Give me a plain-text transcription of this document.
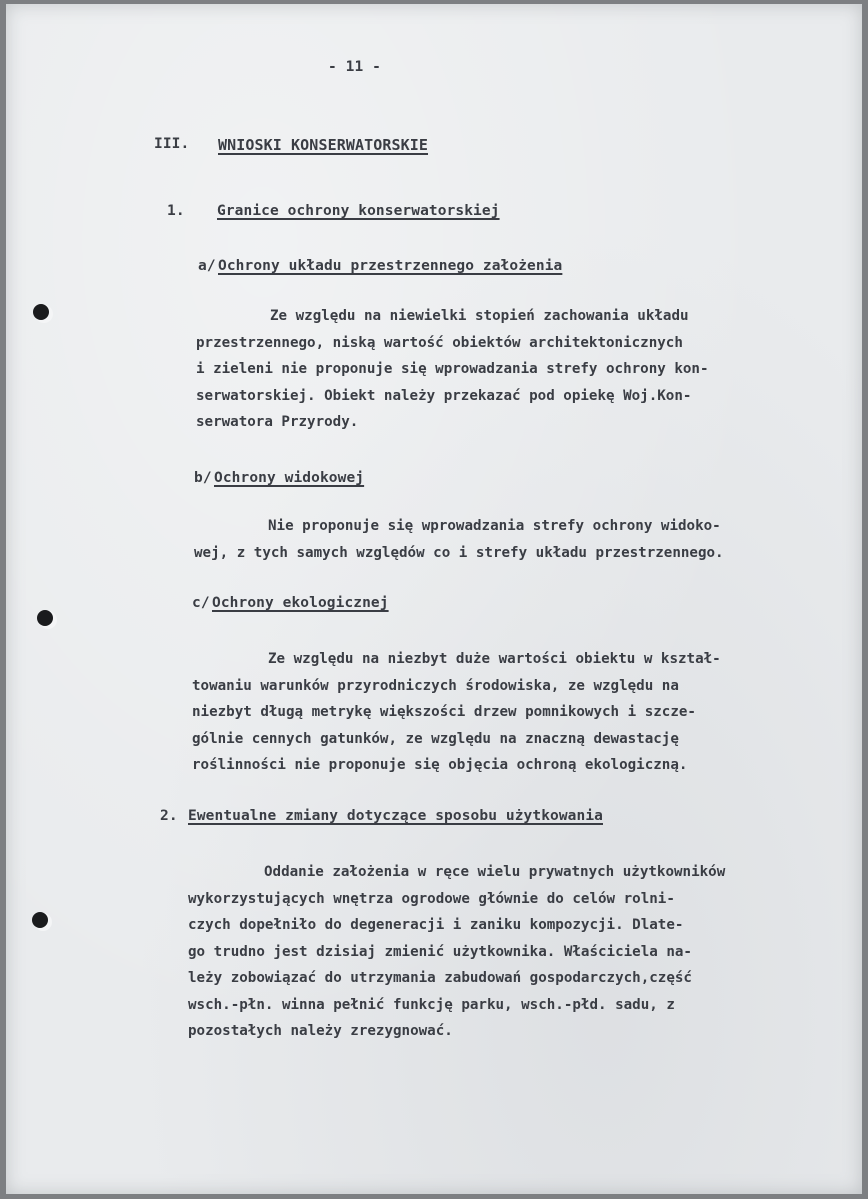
- 11 -
III. WNIOSKI KONSERWATORSKIE
1. Granice ochrony konserwatorskiej
a/ Ochrony układu przestrzennego założenia
Ze względu na niewielki stopień zachowania układu
przestrzennego, niską wartość obiektów architektonicznych
i zieleni nie proponuje się wprowadzania strefy ochrony kon-
serwatorskiej. Obiekt należy przekazać pod opiekę Woj.Kon-
serwatora Przyrody.
b/ Ochrony widokowej
Nie proponuje się wprowadzania strefy ochrony widoko-
wej, z tych samych względów co i strefy układu przestrzennego.
c/ Ochrony ekologicznej
Ze względu na niezbyt duże wartości obiektu w kształ-
towaniu warunków przyrodniczych środowiska, ze względu na
niezbyt długą metrykę większości drzew pomnikowych i szcze-
gólnie cennych gatunków, ze względu na znaczną dewastację
roślinności nie proponuje się objęcia ochroną ekologiczną.
2. Ewentualne zmiany dotyczące sposobu użytkowania
Oddanie założenia w ręce wielu prywatnych użytkowników
wykorzystujących wnętrza ogrodowe głównie do celów rolni-
czych dopełniło do degeneracji i zaniku kompozycji. Dlate-
go trudno jest dzisiaj zmienić użytkownika. Właściciela na-
leży zobowiązać do utrzymania zabudowań gospodarczych,część
wsch.-płn. winna pełnić funkcję parku, wsch.-płd. sadu, z
pozostałych należy zrezygnować.
